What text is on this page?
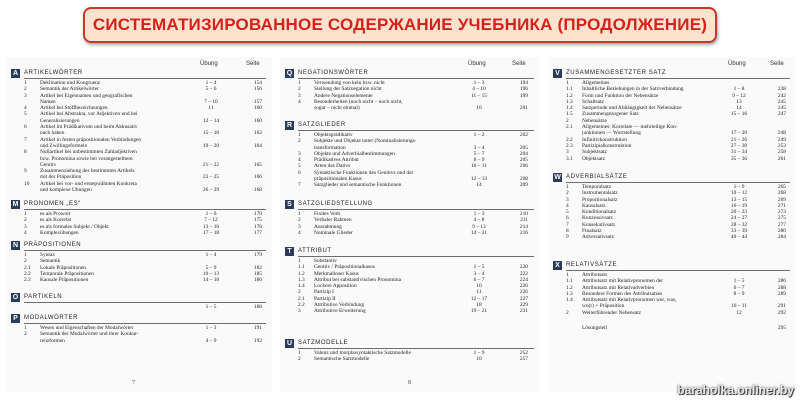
СИСТЕМАТИЗИРОВАННОЕ СОДЕРЖАНИЕ УЧЕБНИКА (ПРОДОЛЖЕНИЕ)
Übung	Seite
A ARTIKELWÖRTER
1	Deklination und Kongruenz	1 – 4	154
2	Semantik der Artikelwörter	5 – 6	156
3	Artikel bei Eigennamen und geografischen
Namen	7 – 10	157
4	Artikel bei Stoffbezeichnungen	11	160
5	Artikel bei Abstrakta, vor Adjektiven und bei
Generalisierungen	12 – 14	160
6	Artikel im Prädikativum und beim Akkusativ
nach haben	15 – 18	162
7	Artikel in festen präpositionalen Verbindungen
und Zwillingsformeln	19 – 20	164
8	Nullartikel bei unbestimmten Zahladjektiven
bzw. Pronomina sowie bei vorangestelltem
Genitiv	21 – 22	165
9	Zusammenziehung des bestimmten Artikels
mit der Präposition	23 – 25	166
10	Artikel bei vor- und erstерwähnten Konkreta
und komplexe Übungen	26 – 29	168
M PRONOMEN „ES“
1	es als Prowort	1 – 6	170
2	es als Korrelat	7 – 12	175
3	es als formales Subjekt / Objekt	13 – 16	176
4	Komplexübungen	17 – 18	177
N PRÄPOSITIONEN
1	Syntax	1 – 4	179
2	Semantik
2.1	Lokale Präpositionen	5 – 9	182
2.2	Temporale Präpositionen	10 – 13	185
2.3	Kausale Präpositionen	14 – 18	186
O PARTIKELN
1 – 5	188
P	MODALWÖRTER
1	Wesen und Eigenschaften der Modalwörter	1 – 3	191
2	Semantik der Modalwörter und ihrer Konkur-
renzformen	4 – 9	192
7
Übung	Seite
Q NEGATIONSWÖRTER
1	Verwendung von kein bzw. nicht	1 – 3	194
2	Stellung der Satznegation nicht	4 – 10	196
3	Andere Negationselemente	11 – 15	199
4	Besonderheiten (noch nicht – noch nicht,
sogar – nicht einmal)	16	201
R SATZGLIEDER
1	Objektsprädikativ	1 – 2	202
2	Subjekte und Objekte unter (Nominalisierungs-
transformation	3 – 4	205
3	Objekte und Adverbialbestimmungen	5 – 7	204
4	Prädikatives Attribut	8 – 9	205
5	Arten des Dativs	10 – 11	206
6	Syntaktische Funktionen des Genitivs und der
präpositionalen Kasus	12 – 13	208
7	Satzglieder und semantische Funktionen	14	209
S	SATZGLIEDSTELLUNG
1	Finites Verb	1 – 3	210
2	Verbaler Rahmen	4 – 8	211
3	Ausrahmung	9 – 13	214
4	Nominale Glieder	14 – 21	216
T	ATTRIBUT
1	Substantiv
1.1	Genitiv / Präpositionalkasus	1 – 5	220
1.2	Merkmalloser Kasus	3 – 4	222
1.3	Attribut bei substantivischen Pronomina	6 – 7	224
1.4	Lockere Apposition	10	226
2	Partizip I	11	226
2.1	Partizip II	12 – 17	227
2.2	Attributive Verbindung	18	229
3	Attributive Erweiterung	19 – 21	231
U SATZMODELLE
1	Valenz und morphosyntaktische Satzmodelle	1 – 9	252
2	Semantische Satzmodelle	10	257
8
Übung	Seite
V	ZUSAMMENGESETZTER SATZ
1	Allgemeines
1.1	Inhaltliche Beziehungen in der Satzverbindung	1 – 8	238
1.2	Form und Funktion der Nebensätze	9 – 12	242
1.3	Schaltsatz	13	245
1.4	Satzperiode und Abhängigkeit der Nebensätze	14	245
1.5	Zusammengezogener Satz	15 – 16	247
2	Nebensätze
2.1	Allgemeines: Korrelate — mehrteilige Kon-
junktionen — Wortstellung	17 – 20	248
2.2	Infinitivkonstruktion	21 – 26	249
2.3	Partizipialkonstruktion	27 – 30	253
3	Subjektsatz	31 – 34	258
3.1	Objektsatz	35 – 36	261
W ADVERBIALSÄTZE
1	Temporalsatz	1 – 9	265
2	Instrumentalsatz	10 – 12	268
3	Proportionalsatz	13 – 15	269
4	Kausalsatz	16 – 19	271
5	Konditionalsatz	20 – 23	273
6	Konzessivsatz	24 – 27	275
7	Konsekutivsatz	28 – 32	277
8	Finalsatz	33 – 39	280
9	Adversativsatz	40 – 44	284
X	RELATIVSÄTZE
1	Attributsatz
1.1	Attributsatz mit Relativpronomen der	1 – 5	286
1.2	Attributsatz mit Relativadverbien	6 – 7	288
1.3	Besondere Formen des Attributsatzes	8 – 9	289
1.4	Attributsatz mit Relativpronomen wer, was,
wo(r) + Präposition	10 – 11	291
2	Weiterführender Nebensatz	12	292
Lösungsteil	295
baraholka.onliner.by
